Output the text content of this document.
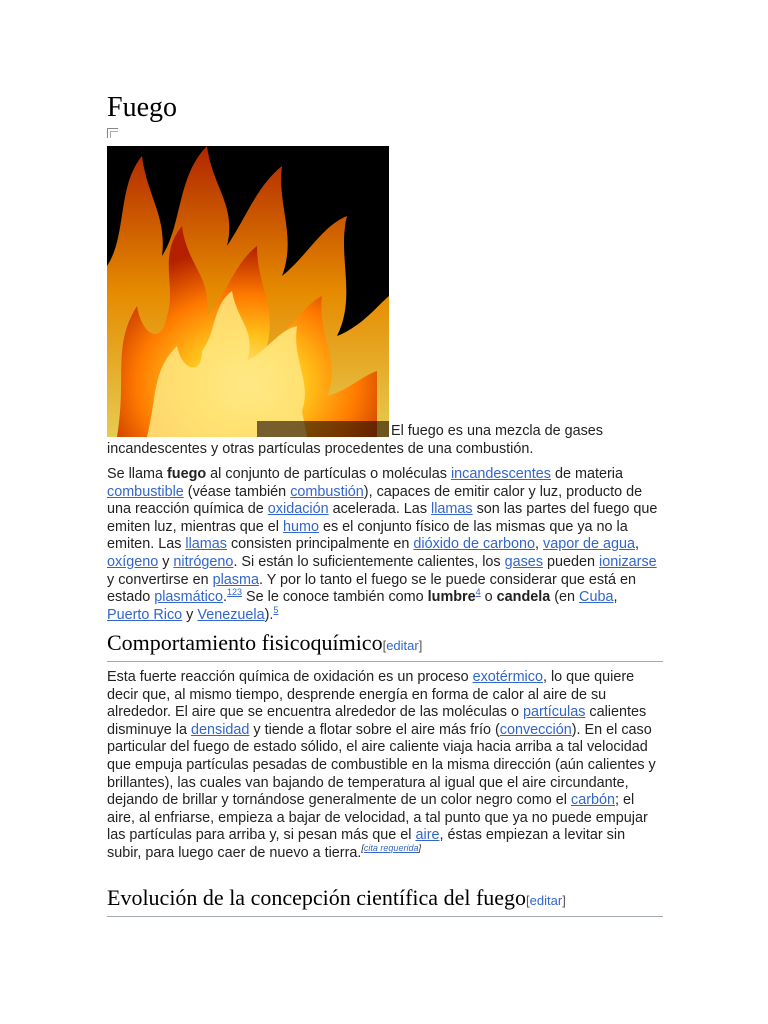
Fuego
El fuego es una mezcla de gases
incandescentes y otras partículas procedentes de una combustión.

Se llama fuego al conjunto de partículas o moléculas incandescentes de materia combustible (véase también combustión), capaces de emitir calor y luz, producto de una reacción química de oxidación acelerada. Las llamas son las partes del fuego que emiten luz, mientras que el humo es el conjunto físico de las mismas que ya no la emiten. Las llamas consisten principalmente en dióxido de carbono, vapor de agua, oxígeno y nitrógeno. Si están lo suficientemente calientes, los gases pueden ionizarse y convertirse en plasma. Y por lo tanto el fuego se le puede considerar que está en estado plasmático.$^{123}$ Se le conoce también como lumbre$^4$ o candela (en Cuba, Puerto Rico y Venezuela).$^5$

Comportamiento fisicoquímico[editar]

Esta fuerte reacción química de oxidación es un proceso exotérmico, lo que quiere decir que, al mismo tiempo, desprende energía en forma de calor al aire de su alrededor. El aire que se encuentra alrededor de las moléculas o partículas calientes disminuye la densidad y tiende a flotar sobre el aire más frío (convección). En el caso particular del fuego de estado sólido, el aire caliente viaja hacia arriba a tal velocidad que empuja partículas pesadas de combustible en la misma dirección (aún calientes y brillantes), las cuales van bajando de temperatura al igual que el aire circundante, dejando de brillar y tornándose generalmente de un color negro como el carbón; el aire, al enfriarse, empieza a bajar de velocidad, a tal punto que ya no puede empujar las partículas para arriba y, si pesan más que el aire, éstas empiezan a levitar sin subir, para luego caer de nuevo a tierra.[cita requerida]

Evolución de la concepción científica del fuego[editar]
